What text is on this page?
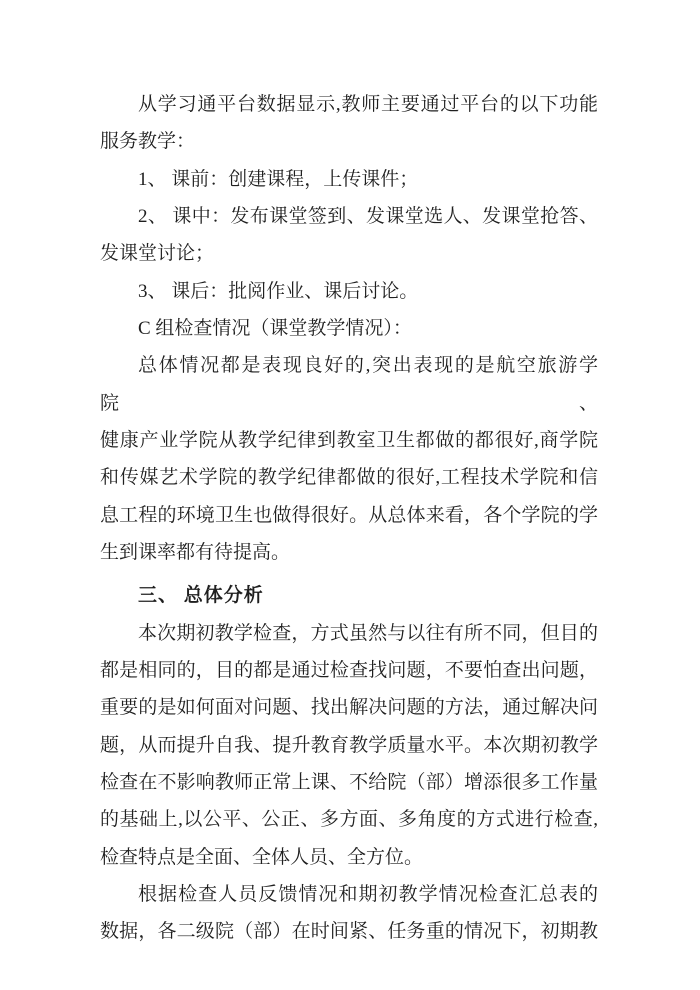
从学习通平台数据显示,教师主要通过平台的以下功能
服务教学：
1、 课前：创建课程，上传课件；
2、 课中：发布课堂签到、发课堂选人、发课堂抢答、
发课堂讨论；
3、 课后：批阅作业、课后讨论。
C 组检查情况（课堂教学情况）：
总体情况都是表现良好的,突出表现的是航空旅游学院、
健康产业学院从教学纪律到教室卫生都做的都很好,商学院
和传媒艺术学院的教学纪律都做的很好,工程技术学院和信
息工程的环境卫生也做得很好。从总体来看，各个学院的学
生到课率都有待提高。
三、 总体分析
本次期初教学检查，方式虽然与以往有所不同，但目的
都是相同的，目的都是通过检查找问题，不要怕查出问题，
重要的是如何面对问题、找出解决问题的方法，通过解决问
题，从而提升自我、提升教育教学质量水平。本次期初教学
检查在不影响教师正常上课、不给院（部）增添很多工作量
的基础上,以公平、公正、多方面、多角度的方式进行检查,
检查特点是全面、全体人员、全方位。
根据检查人员反馈情况和期初教学情况检查汇总表的
数据，各二级院（部）在时间紧、任务重的情况下，初期教
